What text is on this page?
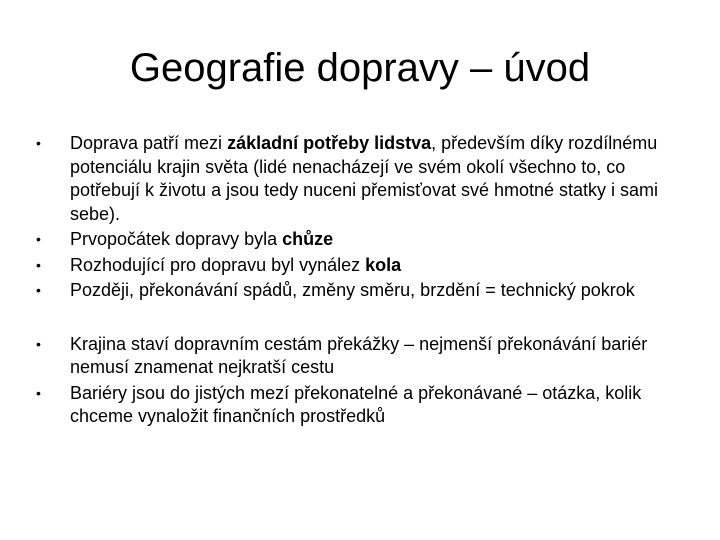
Geografie dopravy – úvod
•	Doprava patří mezi základní potřeby lidstva, především díky rozdílnému potenciálu krajin světa (lidé nenacházejí ve svém okolí všechno to, co potřebují k životu a jsou tedy nuceni přemisťovat své hmotné statky i sami sebe).
•	Prvopočátek dopravy byla chůze
•	Rozhodující pro dopravu byl vynález kola
•	Později, překonávání spádů, změny směru, brzdění = technický pokrok
•	Krajina staví dopravním cestám překážky – nejmenší překonávání bariér nemusí znamenat nejkratší cestu
•	Bariéry jsou do jistých mezí překonatelné a překonávané – otázka, kolik chceme vynaložit finančních prostředků
